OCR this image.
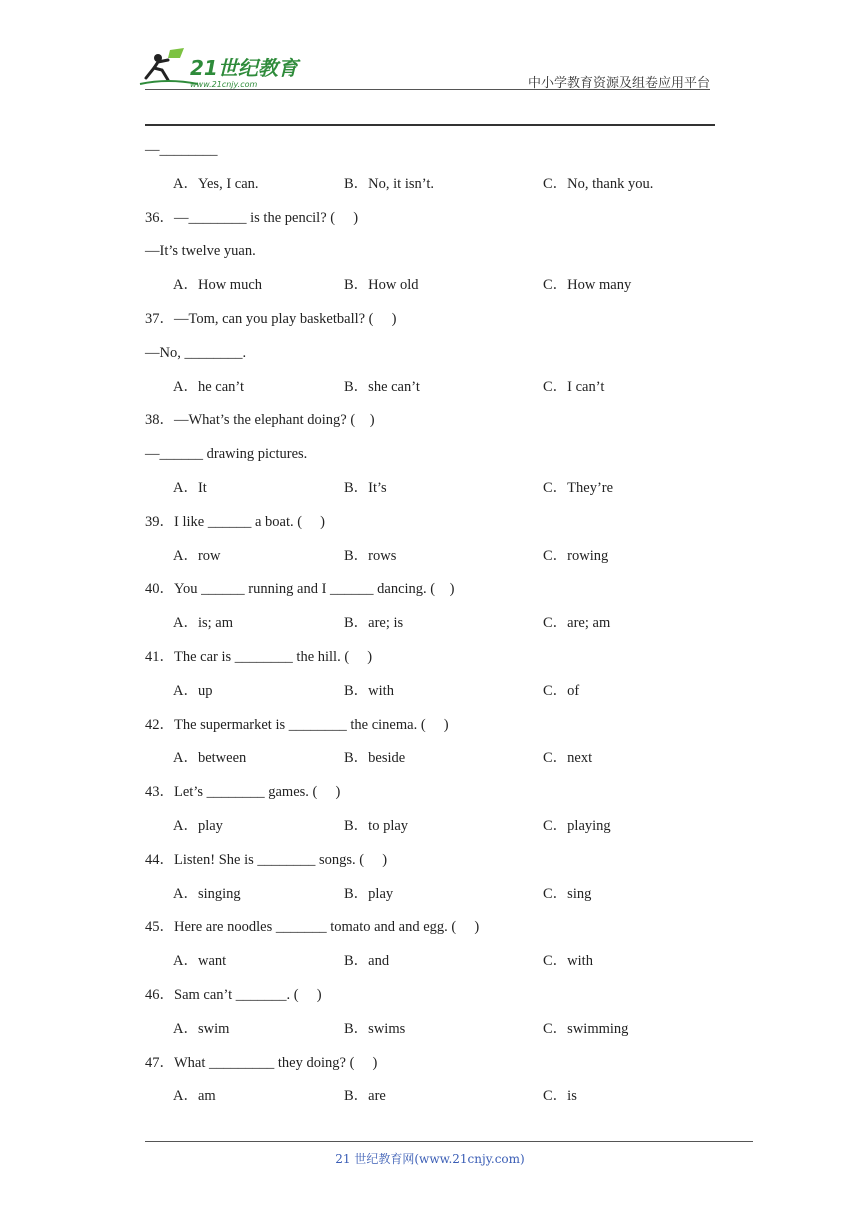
21世纪教育
www.21cnjy.com	中小学教育资源及组卷应用平台
—________
A．Yes, I can.	B．No, it isn’t.	C．No, thank you.
36．—________ is the pencil? (　 )
—It’s twelve yuan.
A．How much	B．How old	C．How many
37．—Tom, can you play basketball? (　 )
—No, ________.
A．he can’t	B．she can’t	C．I can’t
38．—What’s the elephant doing? (　)
—______ drawing pictures.
A．It	B．It’s	C．They’re
39．I like ______ a boat. (　 )
A．row	B．rows	C．rowing
40．You ______ running and I ______ dancing. (　)
A．is; am	B．are; is	C．are; am
41．The car is ________ the hill. (　 )
A．up	B．with	C．of
42．The supermarket is ________ the cinema. (　 )
A．between	B．beside	C．next
43．Let’s ________ games. (　 )
A．play	B．to play	C．playing
44．Listen! She is ________ songs. (　 )
A．singing	B．play	C．sing
45．Here are noodles _______ tomato and and egg. (　 )
A．want	B．and	C．with
46．Sam can’t _______. (　 )
A．swim	B．swims	C．swimming
47．What _________ they doing? (　 )
A．am	B．are	C．is
21 世纪教育网(www.21cnjy.com)
